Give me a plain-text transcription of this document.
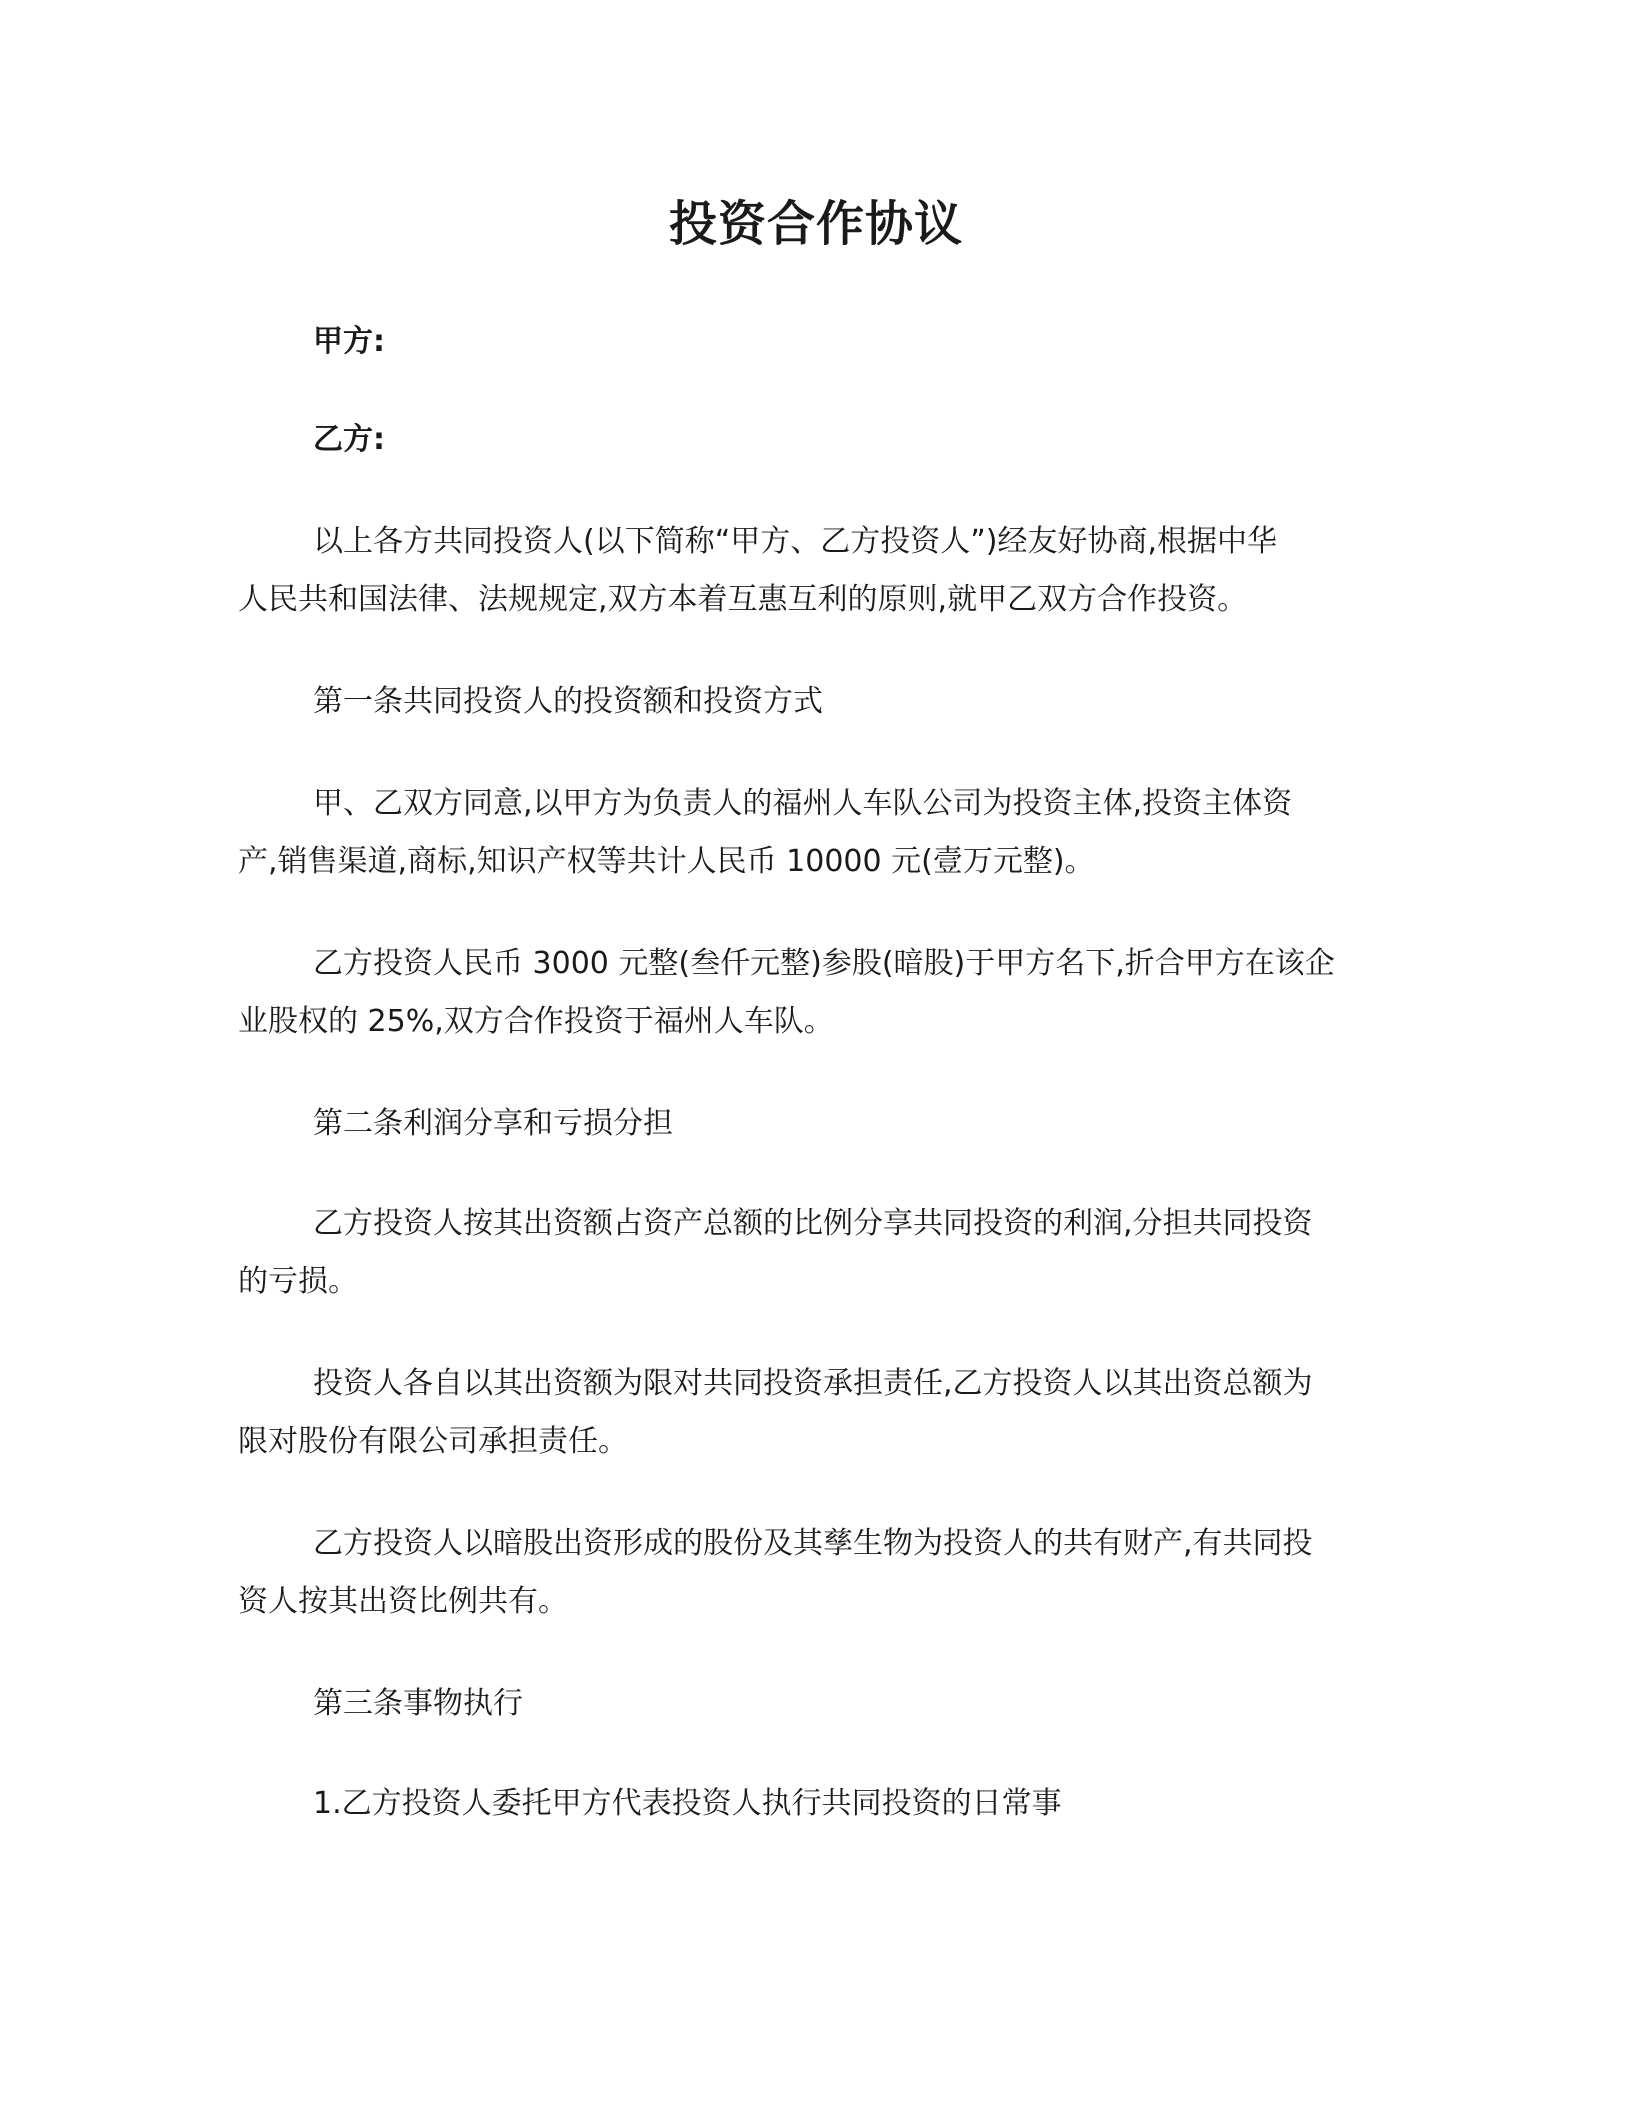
投资合作协议

甲方:

乙方:

以上各方共同投资人(以下简称“甲方、乙方投资人”)经友好协商,根据中华

人民共和国法律、法规规定,双方本着互惠互利的原则,就甲乙双方合作投资。

第一条共同投资人的投资额和投资方式

甲、乙双方同意,以甲方为负责人的福州人车队公司为投资主体,投资主体资

产,销售渠道,商标,知识产权等共计人民币 10000 元(壹万元整)。

乙方投资人民币 3000 元整(叁仟元整)参股(暗股)于甲方名下,折合甲方在该企

业股权的 25%,双方合作投资于福州人车队。

第二条利润分享和亏损分担

乙方投资人按其出资额占资产总额的比例分享共同投资的利润,分担共同投资

的亏损。

投资人各自以其出资额为限对共同投资承担责任,乙方投资人以其出资总额为

限对股份有限公司承担责任。

乙方投资人以暗股出资形成的股份及其孳生物为投资人的共有财产,有共同投

资人按其出资比例共有。

第三条事物执行

1.乙方投资人委托甲方代表投资人执行共同投资的日常事
